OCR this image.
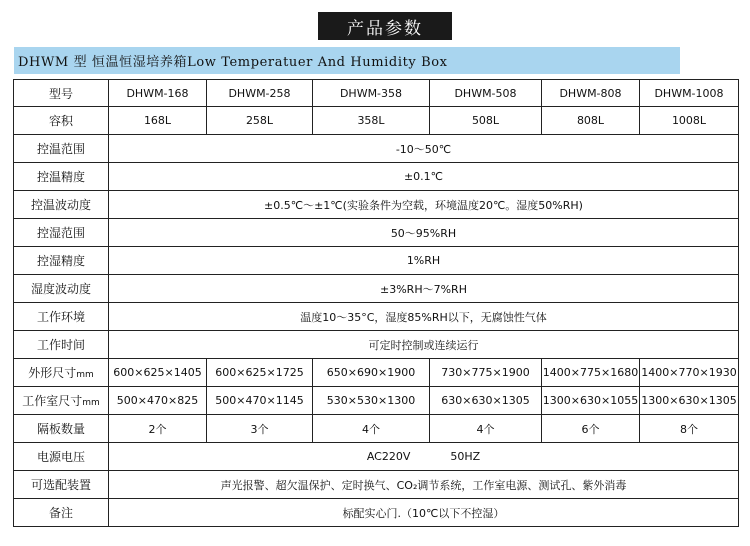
产品参数
DHWM 型 恒温恒湿培养箱Low Temperatuer And Humidity Box
型号	DHWM-168	DHWM-258	DHWM-358	DHWM-508	DHWM-808	DHWM-1008
容积	168L	258L	358L	508L	808L	1008L
控温范围	-10～50℃					
控温精度	±0.1℃					
控温波动度	±0.5℃～±1℃(实验条件为空载，环境温度20℃。湿度50%RH)					
控湿范围	50～95%RH					
控湿精度	1%RH					
湿度波动度	±3%RH～7%RH					
工作环境	温度10～35°C，湿度85%RH以下，无腐蚀性气体					
工作时间	可定时控制或连续运行					
外形尺寸mm	600×625×1405	600×625×1725	650×690×1900	730×775×1900	1400×775×1680	1400×770×1930
工作室尺寸mm	500×470×825	500×470×1145	530×530×1300	630×630×1305	1300×630×1055	1300×630×1305
隔板数量	2个	3个	4个	4个	6个	8个
电源电压	AC220V 50HZ					
可选配装置	声光报警、超欠温保护、定时换气、CO₂调节系统，工作室电源、测试孔、紫外消毒					
备注	标配实心门.（10℃以下不控湿）					
